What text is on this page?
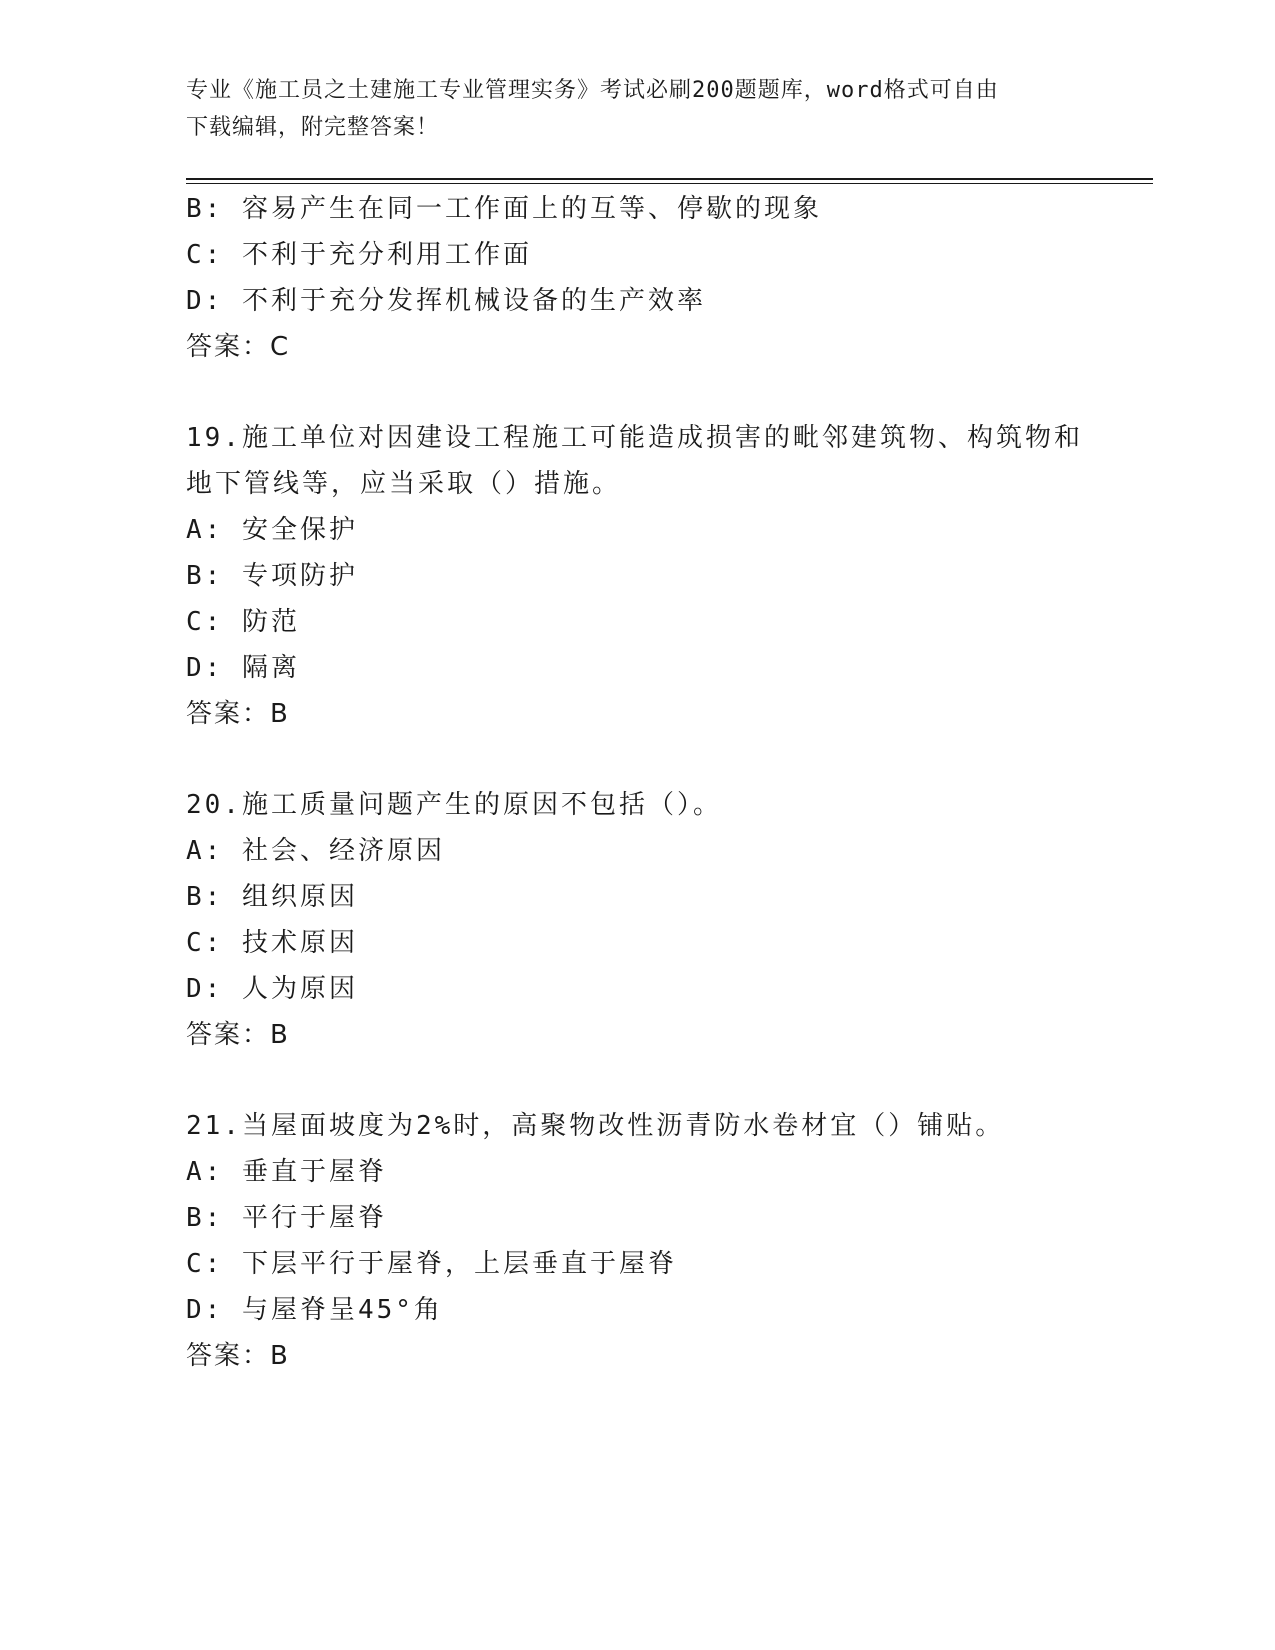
专业《施工员之土建施工专业管理实务》考试必刷200题题库，word格式可自由

下载编辑，附完整答案！

B: 容易产生在同一工作面上的互等、停歇的现象

C: 不利于充分利用工作面

D: 不利于充分发挥机械设备的生产效率

答案：C

19.施工单位对因建设工程施工可能造成损害的毗邻建筑物、构筑物和

地下管线等，应当采取（）措施。

A: 安全保护

B: 专项防护

C: 防范

D: 隔离

答案：B

20.施工质量问题产生的原因不包括（）。

A: 社会、经济原因

B: 组织原因

C: 技术原因

D: 人为原因

答案：B

21.当屋面坡度为2%时，高聚物改性沥青防水卷材宜（）铺贴。

A: 垂直于屋脊

B: 平行于屋脊

C: 下层平行于屋脊，上层垂直于屋脊

D: 与屋脊呈45°角

答案：B
